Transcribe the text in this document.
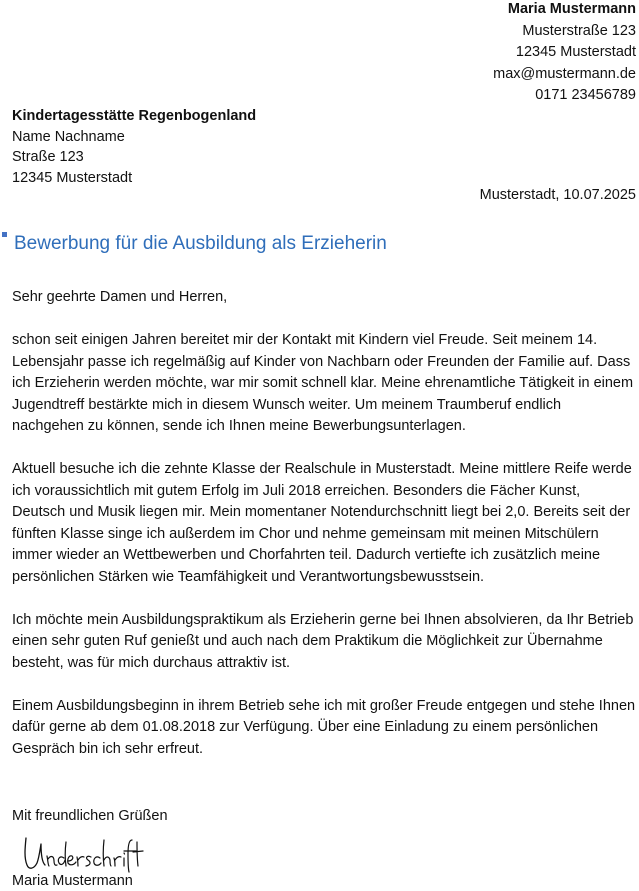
Maria Mustermann
Musterstraße 123
12345 Musterstadt
max@mustermann.de
0171 23456789
Kindertagesstätte Regenbogenland
Name Nachname
Straße 123
12345 Musterstadt
Musterstadt, 10.07.2025
Bewerbung für die Ausbildung als Erzieherin

Sehr geehrte Damen und Herren,

schon seit einigen Jahren bereitet mir der Kontakt mit Kindern viel Freude. Seit meinem 14. Lebensjahr passe ich regelmäßig auf Kinder von Nachbarn oder Freunden der Familie auf. Dass ich Erzieherin werden möchte, war mir somit schnell klar. Meine ehrenamtliche Tätigkeit in einem Jugendtreff bestärkte mich in diesem Wunsch weiter. Um meinem Traumberuf endlich nachgehen zu können, sende ich Ihnen meine Bewerbungsunterlagen.

Aktuell besuche ich die zehnte Klasse der Realschule in Musterstadt. Meine mittlere Reife werde ich voraussichtlich mit gutem Erfolg im Juli 2018 erreichen. Besonders die Fächer Kunst, Deutsch und Musik liegen mir. Mein momentaner Notendurchschnitt liegt bei 2,0. Bereits seit der fünften Klasse singe ich außerdem im Chor und nehme gemeinsam mit meinen Mitschülern immer wieder an Wettbewerben und Chorfahrten teil. Dadurch vertiefte ich zusätzlich meine persönlichen Stärken wie Teamfähigkeit und Verantwortungsbewusstsein.

Ich möchte mein Ausbildungspraktikum als Erzieherin gerne bei Ihnen absolvieren, da Ihr Betrieb einen sehr guten Ruf genießt und auch nach dem Praktikum die Möglichkeit zur Übernahme besteht, was für mich durchaus attraktiv ist.

Einem Ausbildungsbeginn in ihrem Betrieb sehe ich mit großer Freude entgegen und stehe Ihnen dafür gerne ab dem 01.08.2018 zur Verfügung. Über eine Einladung zu einem persönlichen Gespräch bin ich sehr erfreut.

Mit freundlichen Grüßen
Maria Mustermann
